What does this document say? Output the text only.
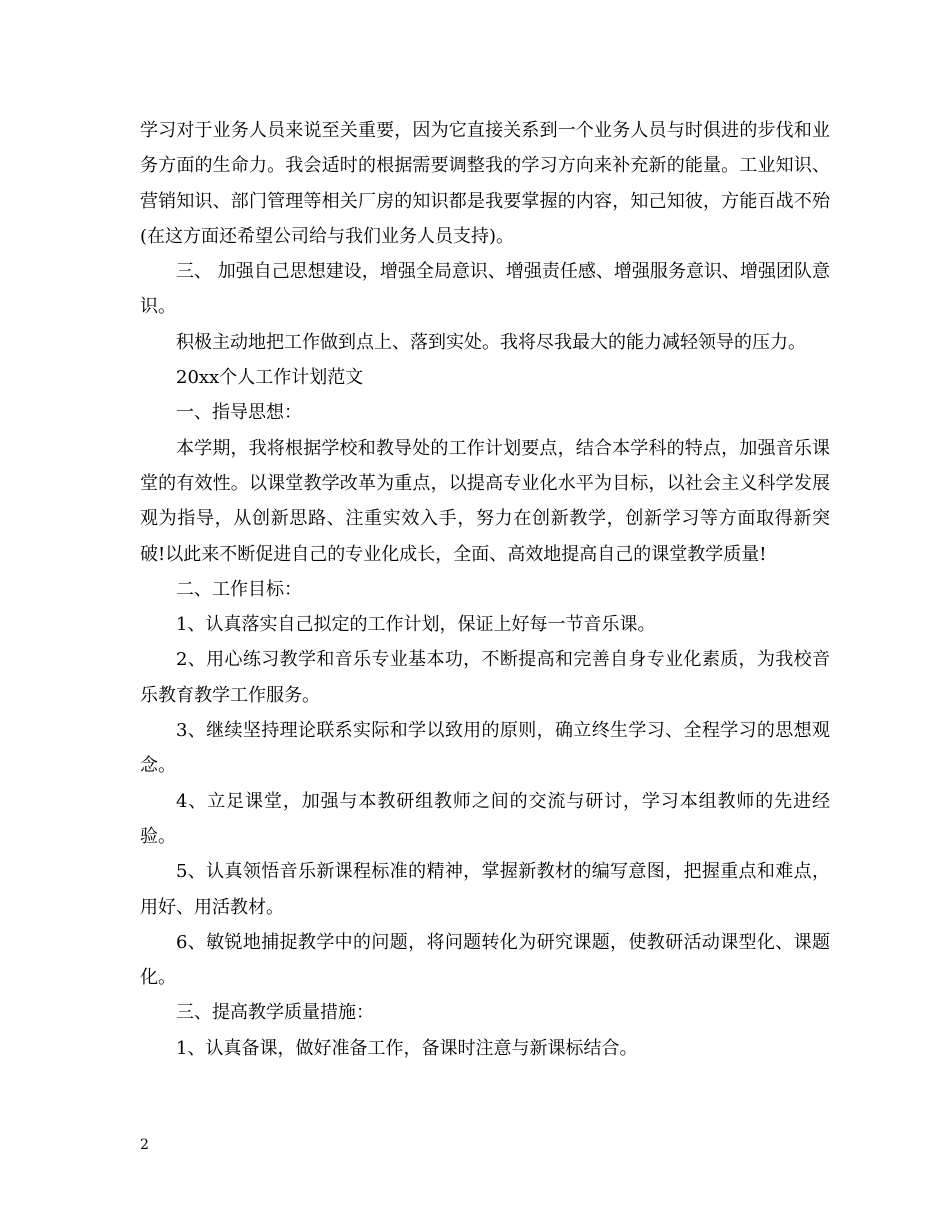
学习对于业务人员来说至关重要，因为它直接关系到一个业务人员与时俱进的步伐和业务方面的生命力。我会适时的根据需要调整我的学习方向来补充新的能量。工业知识、营销知识、部门管理等相关厂房的知识都是我要掌握的内容，知己知彼，方能百战不殆(在这方面还希望公司给与我们业务人员支持)。

三、 加强自己思想建设，增强全局意识、增强责任感、增强服务意识、增强团队意识。

积极主动地把工作做到点上、落到实处。我将尽我最大的能力减轻领导的压力。

20xx个人工作计划范文

一、指导思想：

本学期，我将根据学校和教导处的工作计划要点，结合本学科的特点，加强音乐课堂的有效性。以课堂教学改革为重点，以提高专业化水平为目标，以社会主义科学发展观为指导，从创新思路、注重实效入手，努力在创新教学，创新学习等方面取得新突破!以此来不断促进自己的专业化成长，全面、高效地提高自己的课堂教学质量!

二、工作目标：

1、认真落实自己拟定的工作计划，保证上好每一节音乐课。

2、用心练习教学和音乐专业基本功，不断提高和完善自身专业化素质，为我校音乐教育教学工作服务。

3、继续坚持理论联系实际和学以致用的原则，确立终生学习、全程学习的思想观念。

4、立足课堂，加强与本教研组教师之间的交流与研讨，学习本组教师的先进经验。

5、认真领悟音乐新课程标准的精神，掌握新教材的编写意图，把握重点和难点，用好、用活教材。

6、敏锐地捕捉教学中的问题，将问题转化为研究课题，使教研活动课型化、课题化。

三、提高教学质量措施：

1、认真备课，做好准备工作，备课时注意与新课标结合。

2
